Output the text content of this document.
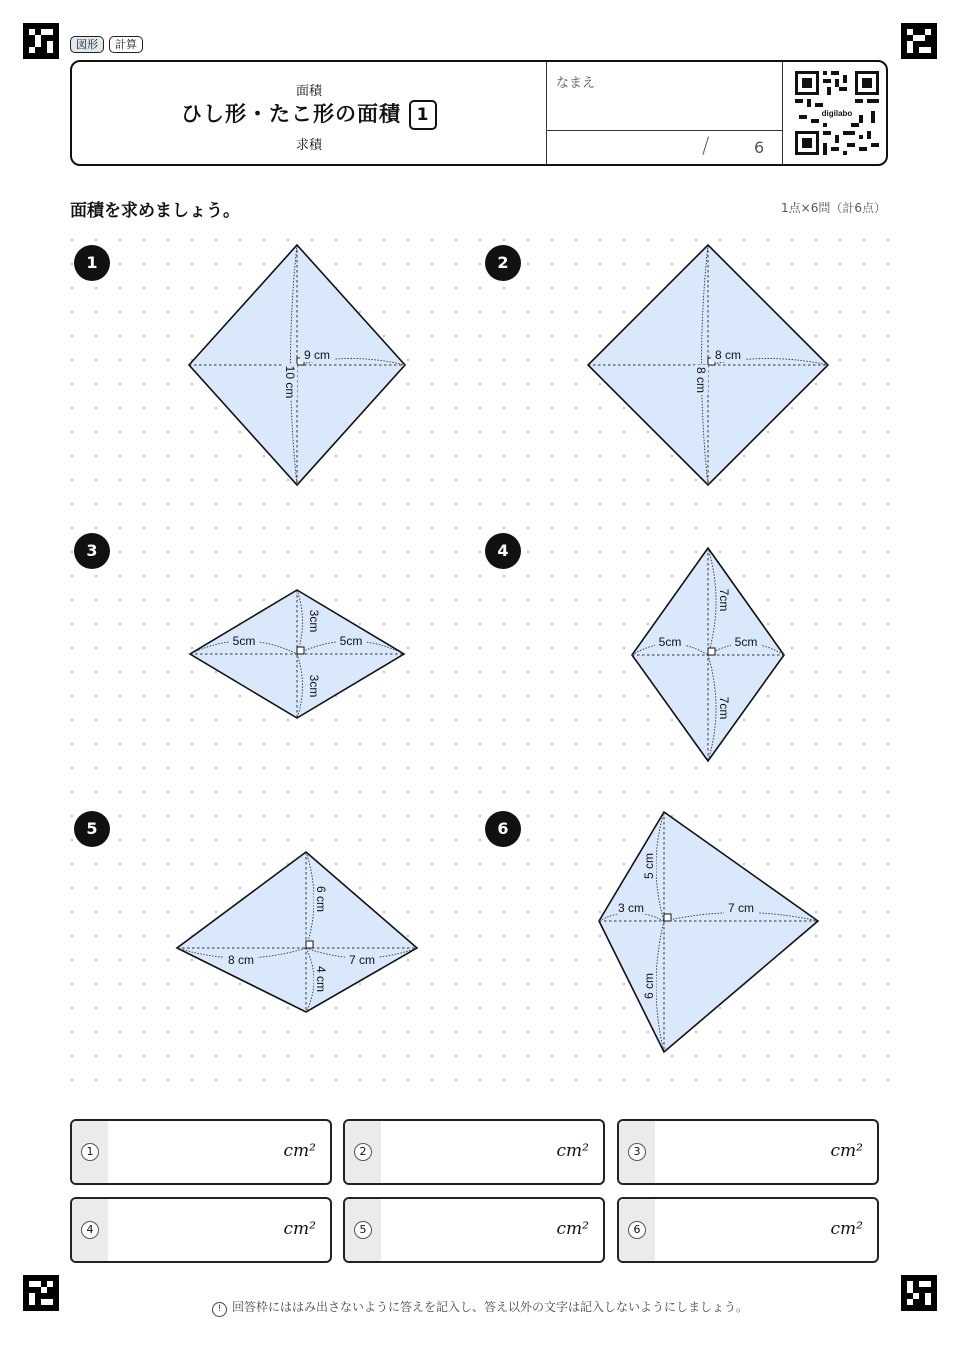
図形	計算
面積
ひし形・たこ形の面積 1
求積
なまえ
/	6
digilabo
面積を求めましょう。	1点×6問（計6点）
1	2
3	4
5	6
9 cm
10 cm
8 cm
8 cm
3cm
5cm	5cm
3cm
7cm
5cm	5cm
7cm
6 cm
8 cm	7 cm
4 cm
5 cm
3 cm	7 cm
6 cm
1	cm²	2	cm²	3	cm²
4	cm²	5	cm²	6	cm²
! 回答枠にははみ出さないように答えを記入し、答え以外の文字は記入しないようにしましょう。
